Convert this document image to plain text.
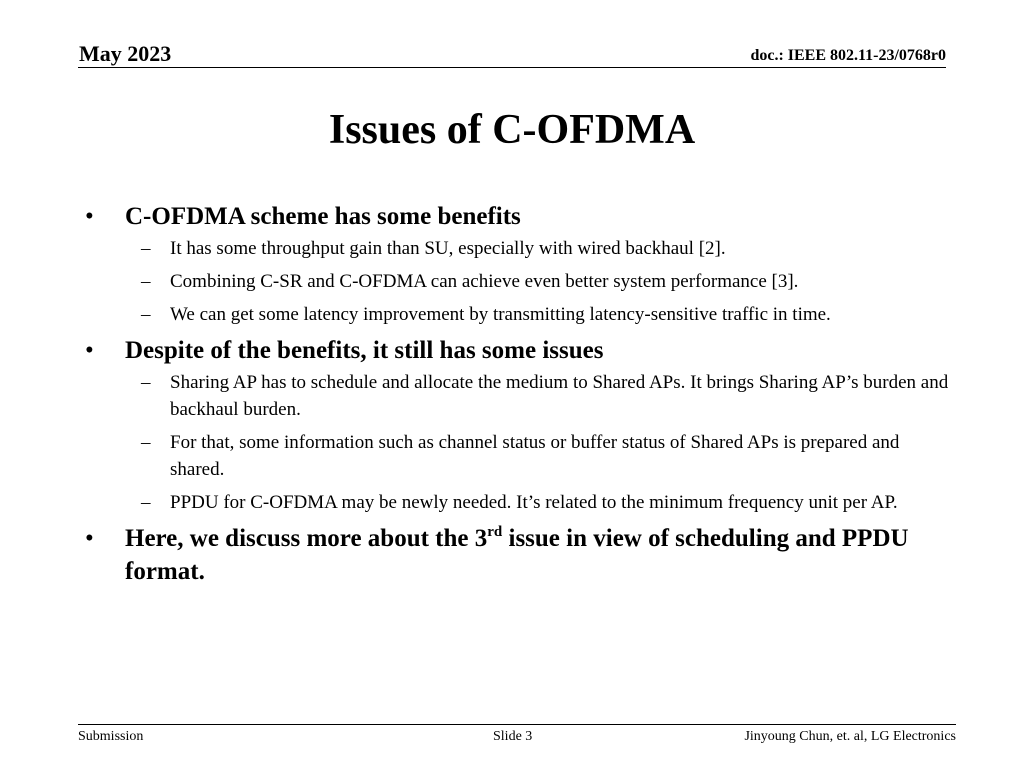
May 2023	doc.: IEEE 802.11-23/0768r0
Issues of C-OFDMA
• C-OFDMA scheme has some benefits
– It has some throughput gain than SU, especially with wired backhaul [2].
– Combining C-SR and C-OFDMA can achieve even better system performance [3].
– We can get some latency improvement by transmitting latency-sensitive traffic in time.
• Despite of the benefits, it still has some issues
– Sharing AP has to schedule and allocate the medium to Shared APs. It brings Sharing AP’s burden and backhaul burden.
– For that, some information such as channel status or buffer status of Shared APs is prepared and shared.
– PPDU for C-OFDMA may be newly needed. It’s related to the minimum frequency unit per AP.
• Here, we discuss more about the 3rd issue in view of scheduling and PPDU format.
Submission	Slide 3	Jinyoung Chun, et. al, LG Electronics
